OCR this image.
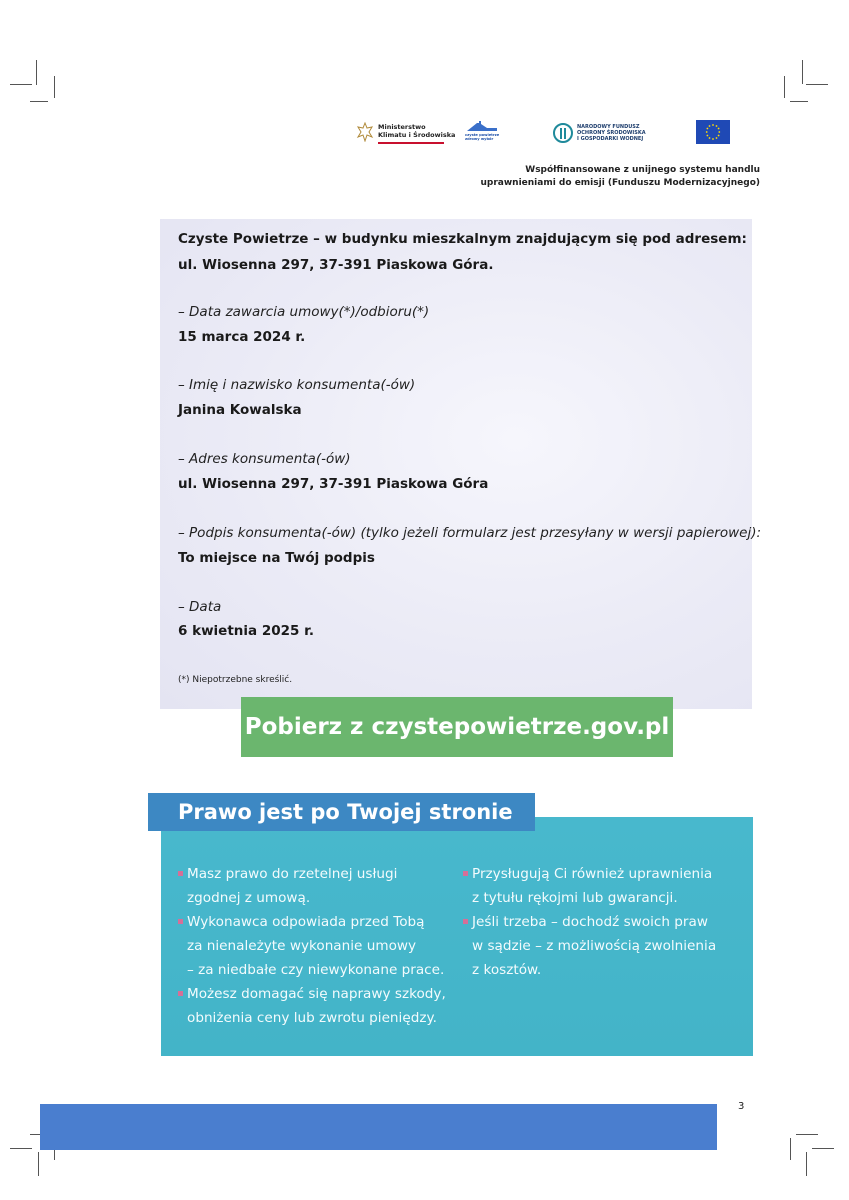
Ministerstwo
Klimatu i Środowiska	czyste powietrze
zdrowy wybór
NARODOWY FUNDUSZ
OCHRONY ŚRODOWISKA
I GOSPODARKI WODNEJ
Współfinansowane z unijnego systemu handlu
uprawnieniami do emisji (Funduszu Modernizacyjnego)
Czyste Powietrze – w budynku mieszkalnym znajdującym się pod adresem:
ul. Wiosenna 297, 37-391 Piaskowa Góra.
– Data zawarcia umowy(*)/odbioru(*)
15 marca 2024 r.
– Imię i nazwisko konsumenta(-ów)
Janina Kowalska
– Adres konsumenta(-ów)
ul. Wiosenna 297, 37-391 Piaskowa Góra
– Podpis konsumenta(-ów) (tylko jeżeli formularz jest przesyłany w wersji papierowej):
To miejsce na Twój podpis
– Data
6 kwietnia 2025 r.
(*) Niepotrzebne skreślić.
Pobierz z czystepowietrze.gov.pl
Prawo jest po Twojej stronie
Masz prawo do rzetelnej usługi
zgodnej z umową.
Wykonawca odpowiada przed Tobą
za nienależyte wykonanie umowy
– za niedbałe czy niewykonane prace.
Możesz domagać się naprawy szkody,
obniżenia ceny lub zwrotu pieniędzy.
Przysługują Ci również uprawnienia
z tytułu rękojmi lub gwarancji.
Jeśli trzeba – dochodź swoich praw
w sądzie – z możliwością zwolnienia
z kosztów.
3
